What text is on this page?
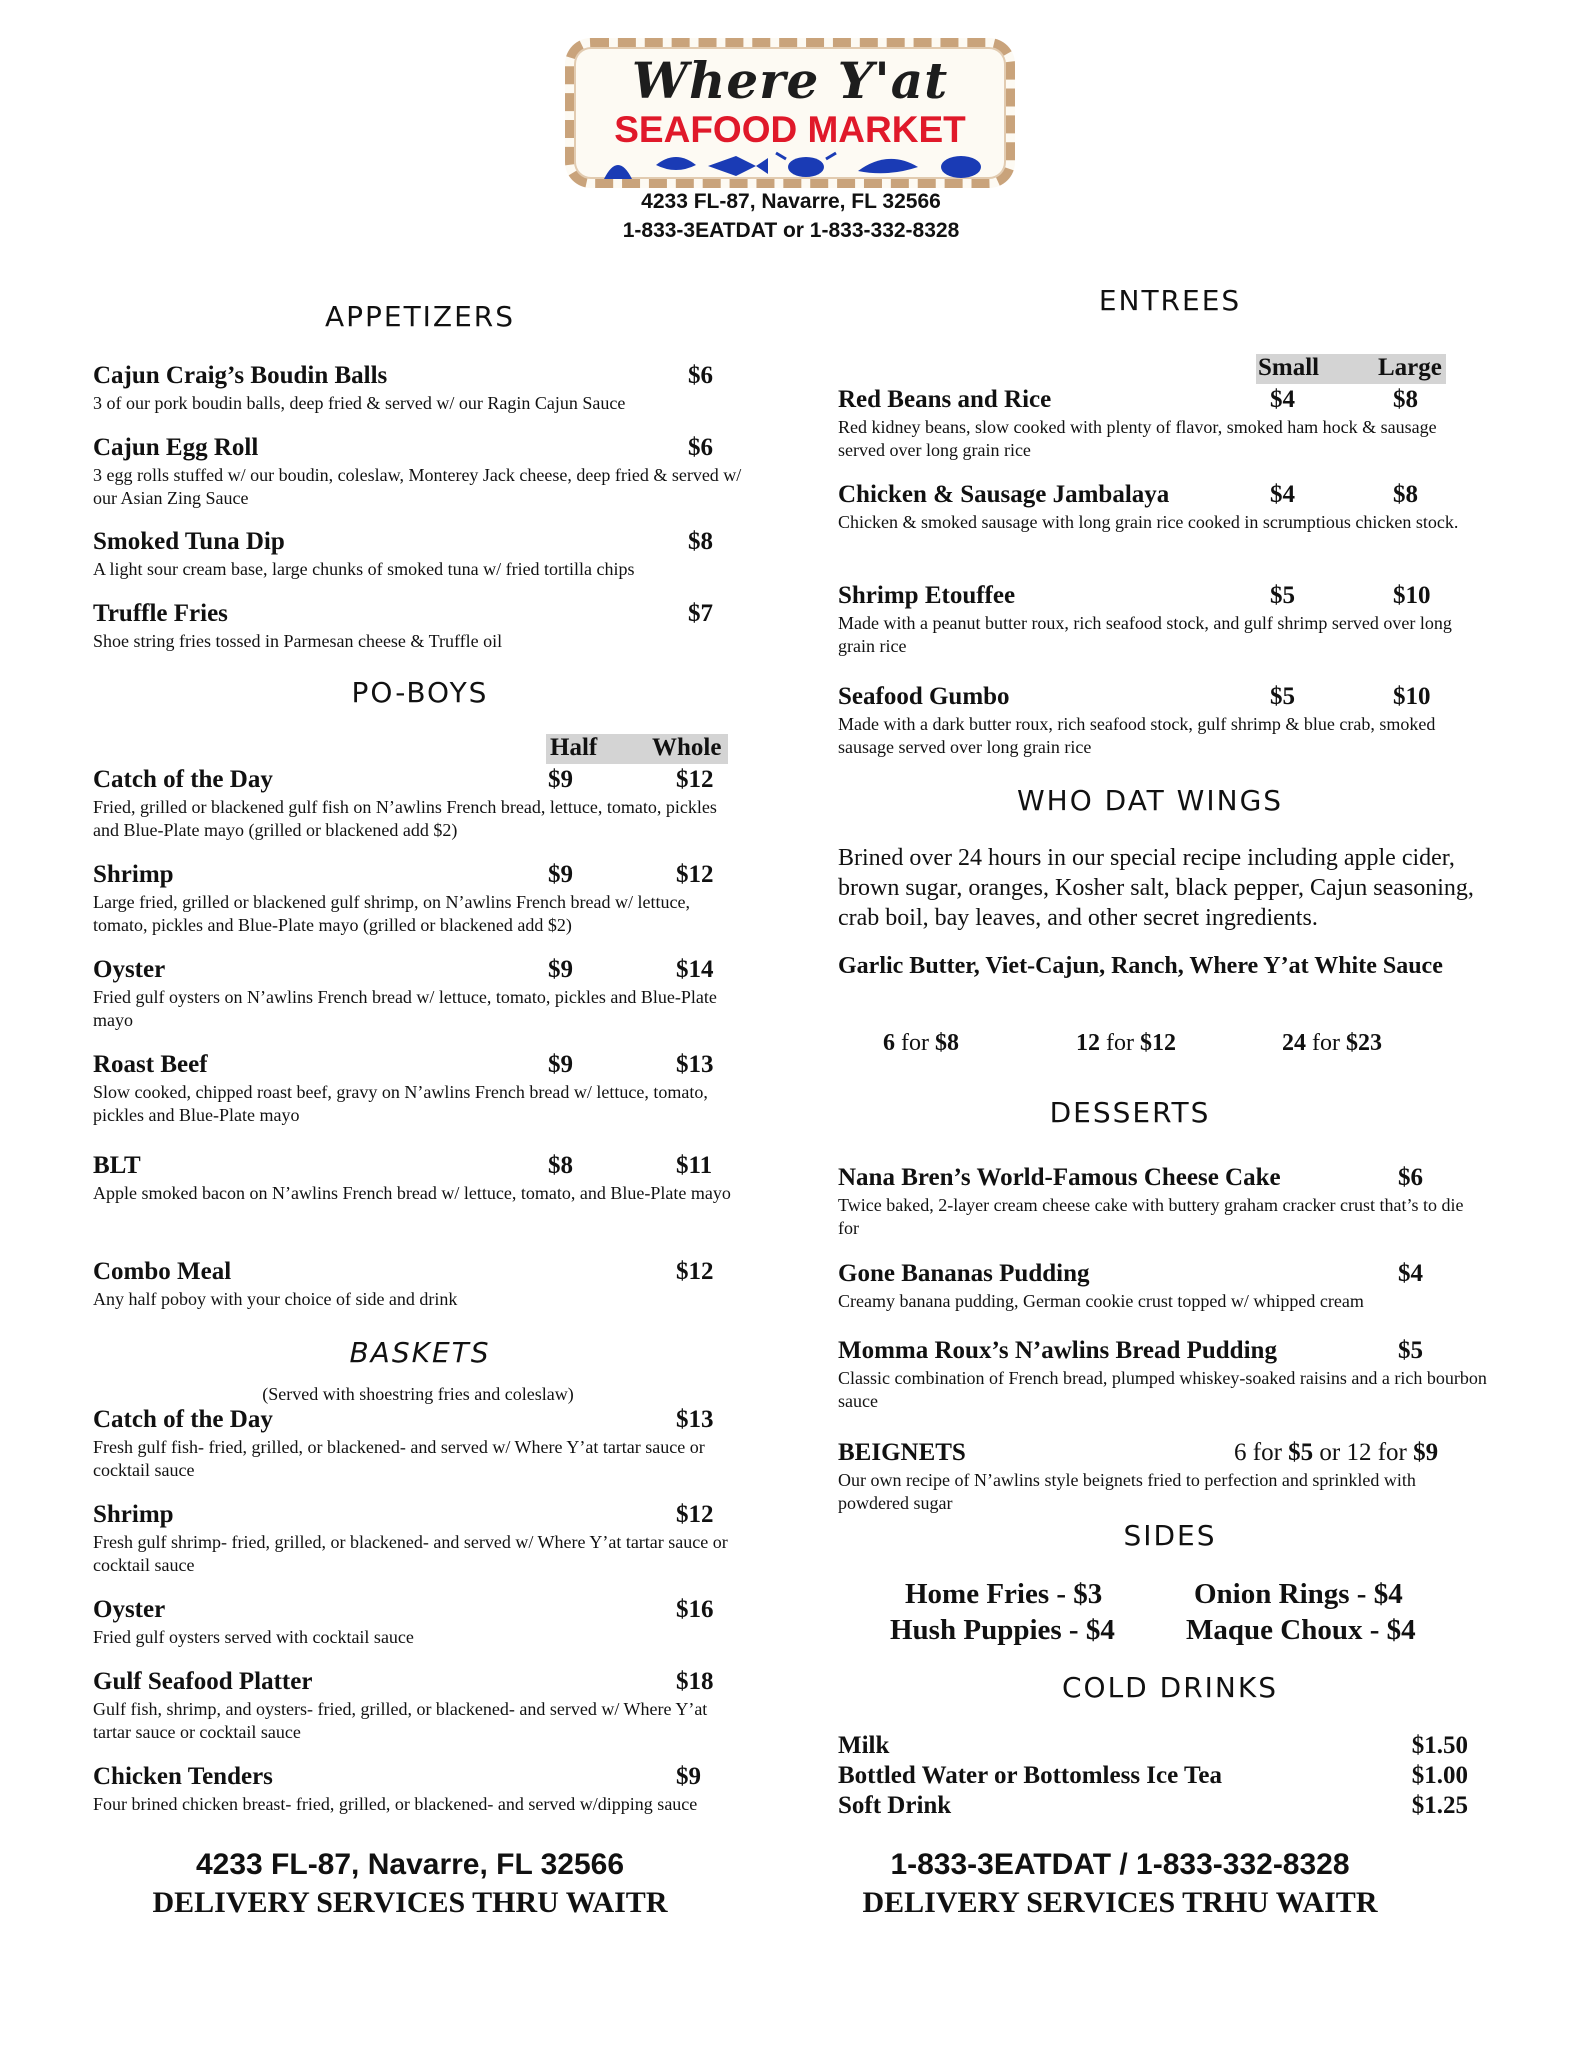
Where Y'at
SEAFOOD MARKET
4233 FL-87, Navarre, FL 32566
1-833-3EATDAT or 1-833-332-8328
APPETIZERS
Cajun Craig’s Boudin Balls	$6
3 of our pork boudin balls, deep fried & served w/ our Ragin Cajun Sauce
Cajun Egg Roll	$6
3 egg rolls stuffed w/ our boudin, coleslaw, Monterey Jack cheese, deep fried & served w/ our Asian Zing Sauce
Smoked Tuna Dip	$8
A light sour cream base, large chunks of smoked tuna w/ fried tortilla chips
Truffle Fries	$7
Shoe string fries tossed in Parmesan cheese & Truffle oil
PO-BOYS
Half Whole
Catch of the Day	$9	$12
Fried, grilled or blackened gulf fish on N’awlins French bread, lettuce, tomato, pickles and Blue-Plate mayo (grilled or blackened add $2)
Shrimp	$9	$12
Large fried, grilled or blackened gulf shrimp, on N’awlins French bread w/ lettuce, tomato, pickles and Blue-Plate mayo (grilled or blackened add $2)
Oyster	$9	$14
Fried gulf oysters on N’awlins French bread w/ lettuce, tomato, pickles and Blue-Plate mayo
Roast Beef	$9	$13
Slow cooked, chipped roast beef, gravy on N’awlins French bread w/ lettuce, tomato, pickles and Blue-Plate mayo
BLT	$8	$11
Apple smoked bacon on N’awlins French bread w/ lettuce, tomato, and Blue-Plate mayo
Combo Meal	$12
Any half poboy with your choice of side and drink
BASKETS
(Served with shoestring fries and coleslaw)
Catch of the Day	$13
Fresh gulf fish- fried, grilled, or blackened- and served w/ Where Y’at tartar sauce or cocktail sauce
Shrimp	$12
Fresh gulf shrimp- fried, grilled, or blackened- and served w/ Where Y’at tartar sauce or cocktail sauce
Oyster	$16
Fried gulf oysters served with cocktail sauce
Gulf Seafood Platter	$18
Gulf fish, shrimp, and oysters- fried, grilled, or blackened- and served w/ Where Y’at tartar sauce or cocktail sauce
Chicken Tenders	$9
Four brined chicken breast- fried, grilled, or blackened- and served w/dipping sauce
ENTREES
Small Large
Red Beans and Rice	$4	$8
Red kidney beans, slow cooked with plenty of flavor, smoked ham hock & sausage served over long grain rice
Chicken & Sausage Jambalaya	$4	$8
Chicken & smoked sausage with long grain rice cooked in scrumptious chicken stock.
Shrimp Etouffee	$5	$10
Made with a peanut butter roux, rich seafood stock, and gulf shrimp served over long grain rice
Seafood Gumbo	$5	$10
Made with a dark butter roux, rich seafood stock, gulf shrimp & blue crab, smoked sausage served over long grain rice
WHO DAT WINGS
Brined over 24 hours in our special recipe including apple cider, brown sugar, oranges, Kosher salt, black pepper, Cajun seasoning, crab boil, bay leaves, and other secret ingredients.
Garlic Butter, Viet-Cajun, Ranch, Where Y’at White Sauce
6 for $8	12 for $12	24 for $23
DESSERTS
Nana Bren’s World-Famous Cheese Cake	$6
Twice baked, 2-layer cream cheese cake with buttery graham cracker crust that’s to die for
Gone Bananas Pudding	$4
Creamy banana pudding, German cookie crust topped w/ whipped cream
Momma Roux’s N’awlins Bread Pudding	$5
Classic combination of French bread, plumped whiskey-soaked raisins and a rich bourbon sauce
BEIGNETS	6 for $5 or 12 for $9
Our own recipe of N’awlins style beignets fried to perfection and sprinkled with powdered sugar
SIDES
Home Fries - $3	Onion Rings - $4
Hush Puppies - $4 Maque Choux - $4
COLD DRINKS
Milk	$1.50
Bottled Water or Bottomless Ice Tea	$1.00
Soft Drink	$1.25
4233 FL-87, Navarre, FL 32566
DELIVERY SERVICES THRU WAITR
1-833-3EATDAT / 1-833-332-8328
DELIVERY SERVICES TRHU WAITR
